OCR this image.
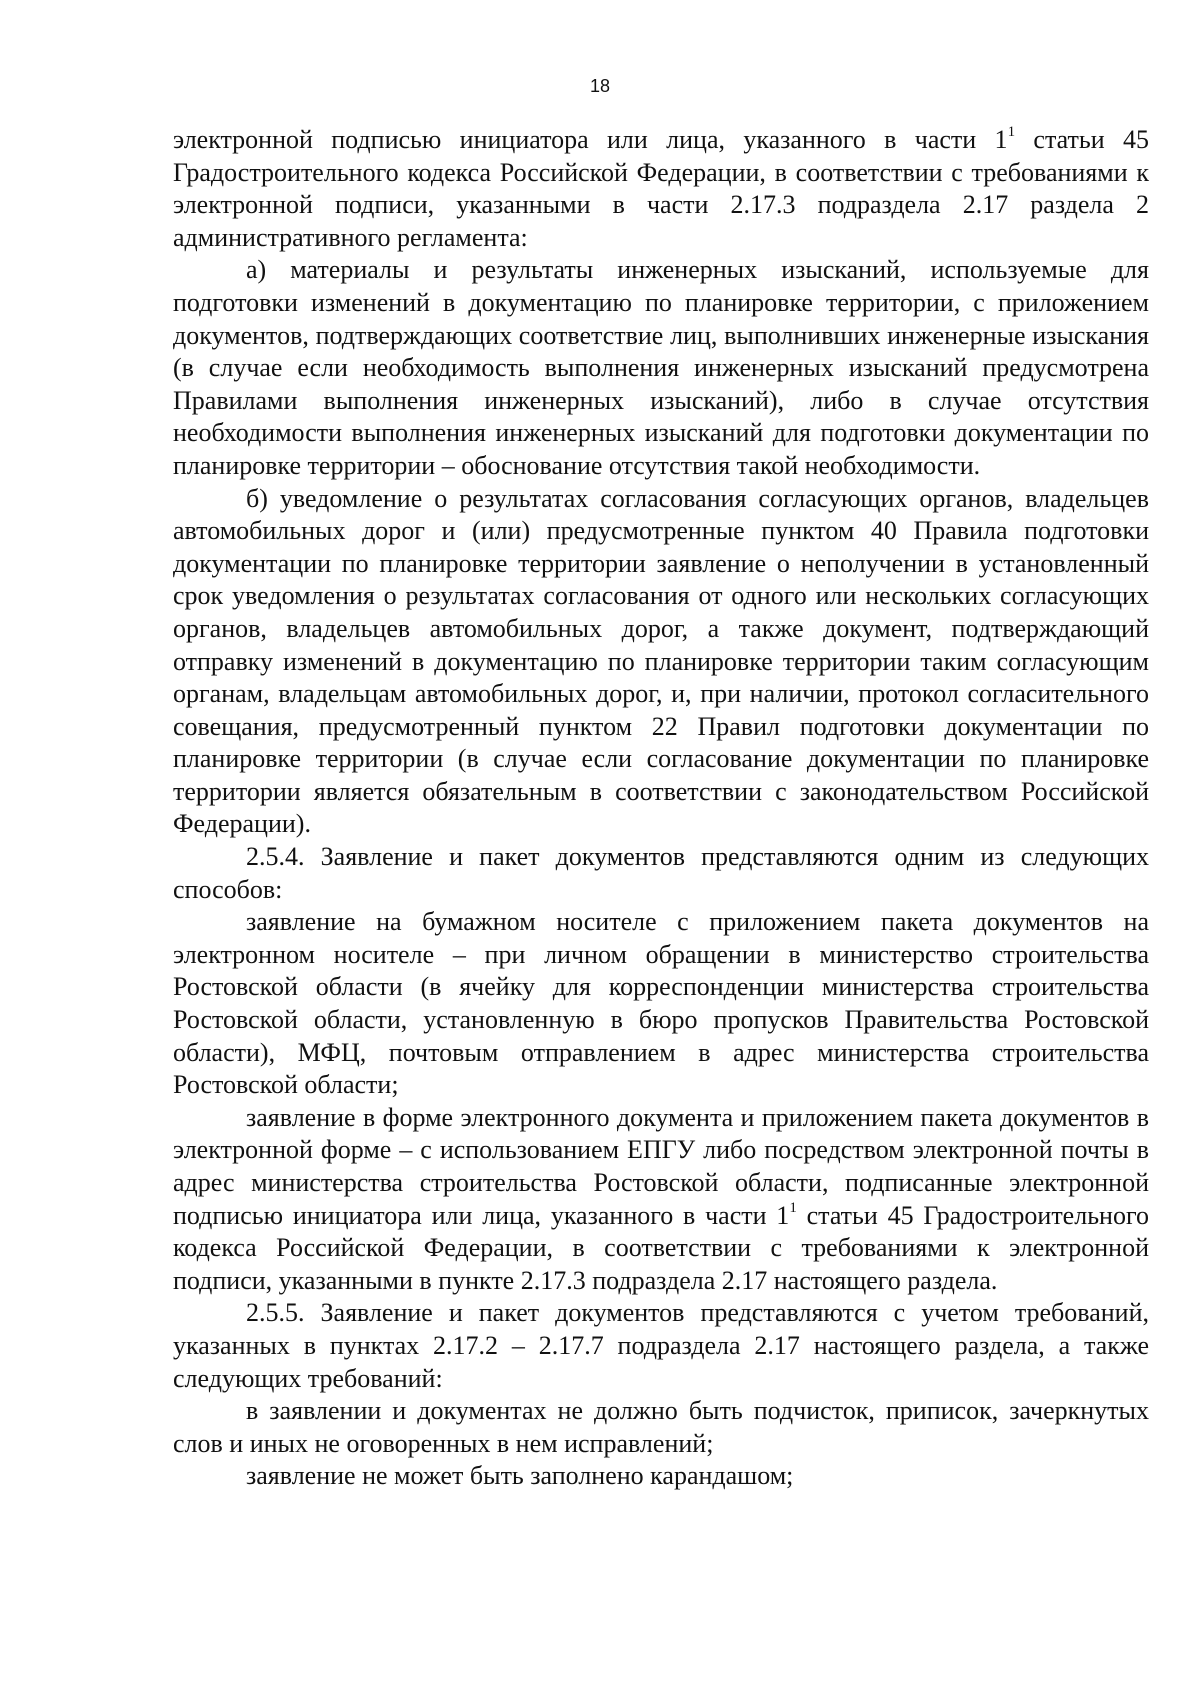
18

электронной подписью инициатора или лица, указанного в части $1^1$ статьи 45 Градостроительного кодекса Российской Федерации, в соответствии с требованиями к электронной подписи, указанными в части 2.17.3 подраздела 2.17 раздела 2 административного регламента:

а) материалы и результаты инженерных изысканий, используемые для подготовки изменений в документацию по планировке территории, с приложением документов, подтверждающих соответствие лиц, выполнивших инженерные изыскания (в случае если необходимость выполнения инженерных изысканий предусмотрена Правилами выполнения инженерных изысканий), либо в случае отсутствия необходимости выполнения инженерных изысканий для подготовки документации по планировке территории – обоснование отсутствия такой необходимости.

б) уведомление о результатах согласования согласующих органов, владельцев автомобильных дорог и (или) предусмотренные пунктом 40 Правила подготовки документации по планировке территории заявление о неполучении в установленный срок уведомления о результатах согласования от одного или нескольких согласующих органов, владельцев автомобильных дорог, а также документ, подтверждающий отправку изменений в документацию по планировке территории таким согласующим органам, владельцам автомобильных дорог, и, при наличии, протокол согласительного совещания, предусмотренный пунктом 22 Правил подготовки документации по планировке территории (в случае если согласование документации по планировке территории является обязательным в соответствии с законодательством Российской Федерации).

2.5.4. Заявление и пакет документов представляются одним из следующих способов:

заявление на бумажном носителе с приложением пакета документов на электронном носителе – при личном обращении в министерство строительства Ростовской области (в ячейку для корреспонденции министерства строительства Ростовской области, установленную в бюро пропусков Правительства Ростовской области), МФЦ, почтовым отправлением в адрес министерства строительства Ростовской области;

заявление в форме электронного документа и приложением пакета документов в электронной форме – с использованием ЕПГУ либо посредством электронной почты в адрес министерства строительства Ростовской области, подписанные электронной подписью инициатора или лица, указанного в части $1^1$ статьи 45 Градостроительного кодекса Российской Федерации, в соответствии с требованиями к электронной подписи, указанными в пункте 2.17.3 подраздела 2.17 настоящего раздела.

2.5.5. Заявление и пакет документов представляются с учетом требований, указанных в пунктах 2.17.2 – 2.17.7 подраздела 2.17 настоящего раздела, а также следующих требований:

в заявлении и документах не должно быть подчисток, приписок, зачеркнутых слов и иных не оговоренных в нем исправлений;

заявление не может быть заполнено карандашом;
